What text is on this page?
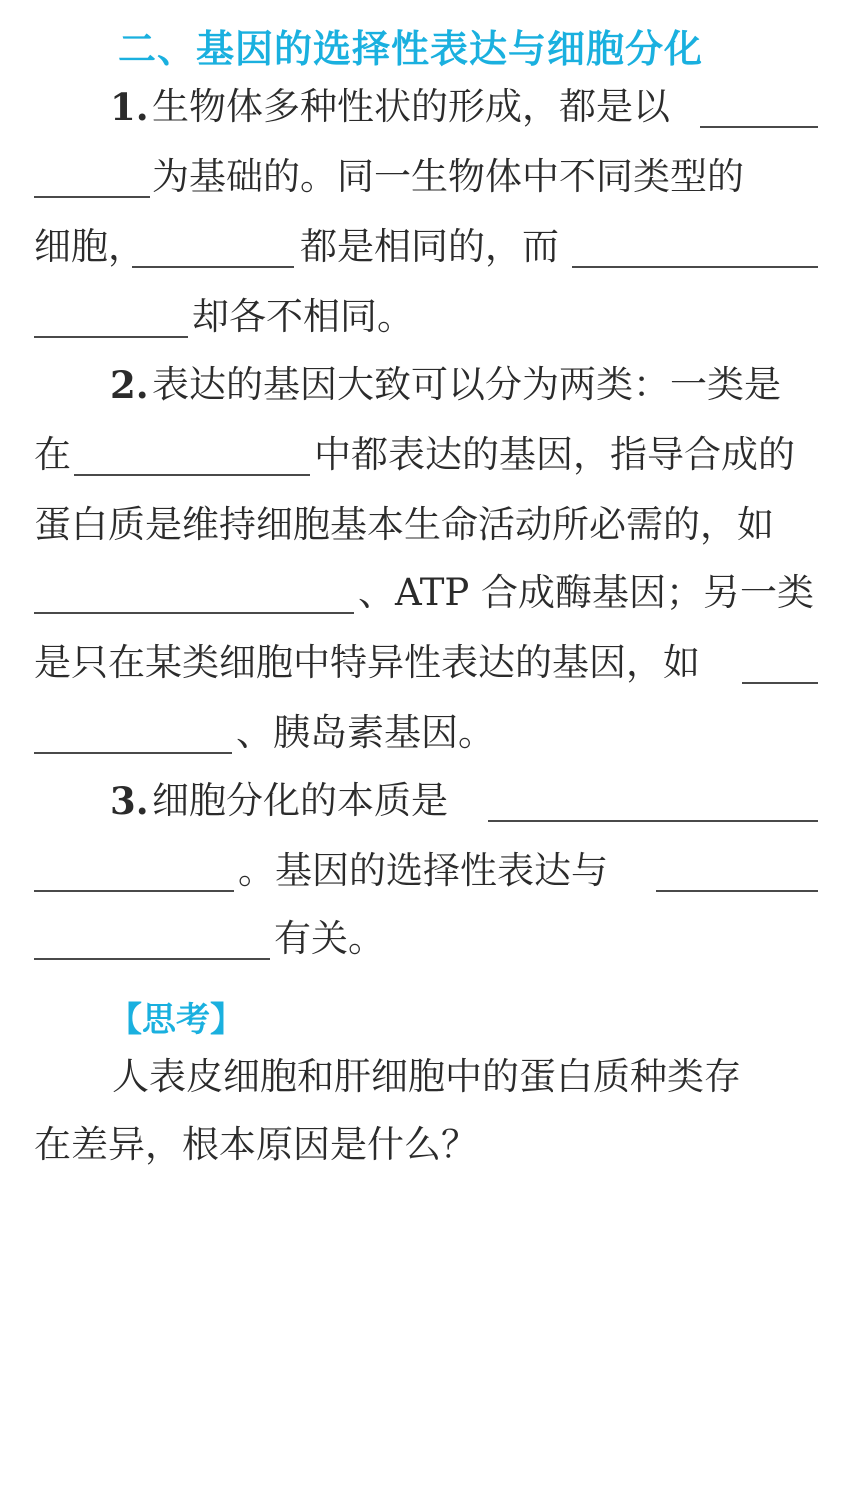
二、基因的选择性表达与细胞分化
1. 生物体多种性状的形成，都是以
为基础的。同一生物体中不同类型的
细胞，	都是相同的，而
却各不相同。
2. 表达的基因大致可以分为两类：一类是
在	中都表达的基因，指导合成的
蛋白质是维持细胞基本生命活动所必需的，如
、ATP 合成酶基因；另一类
是只在某类细胞中特异性表达的基因，如
、胰岛素基因。
3. 细胞分化的本质是
。基因的选择性表达与
有关。
【思考】
人表皮细胞和肝细胞中的蛋白质种类存
在差异，根本原因是什么？
